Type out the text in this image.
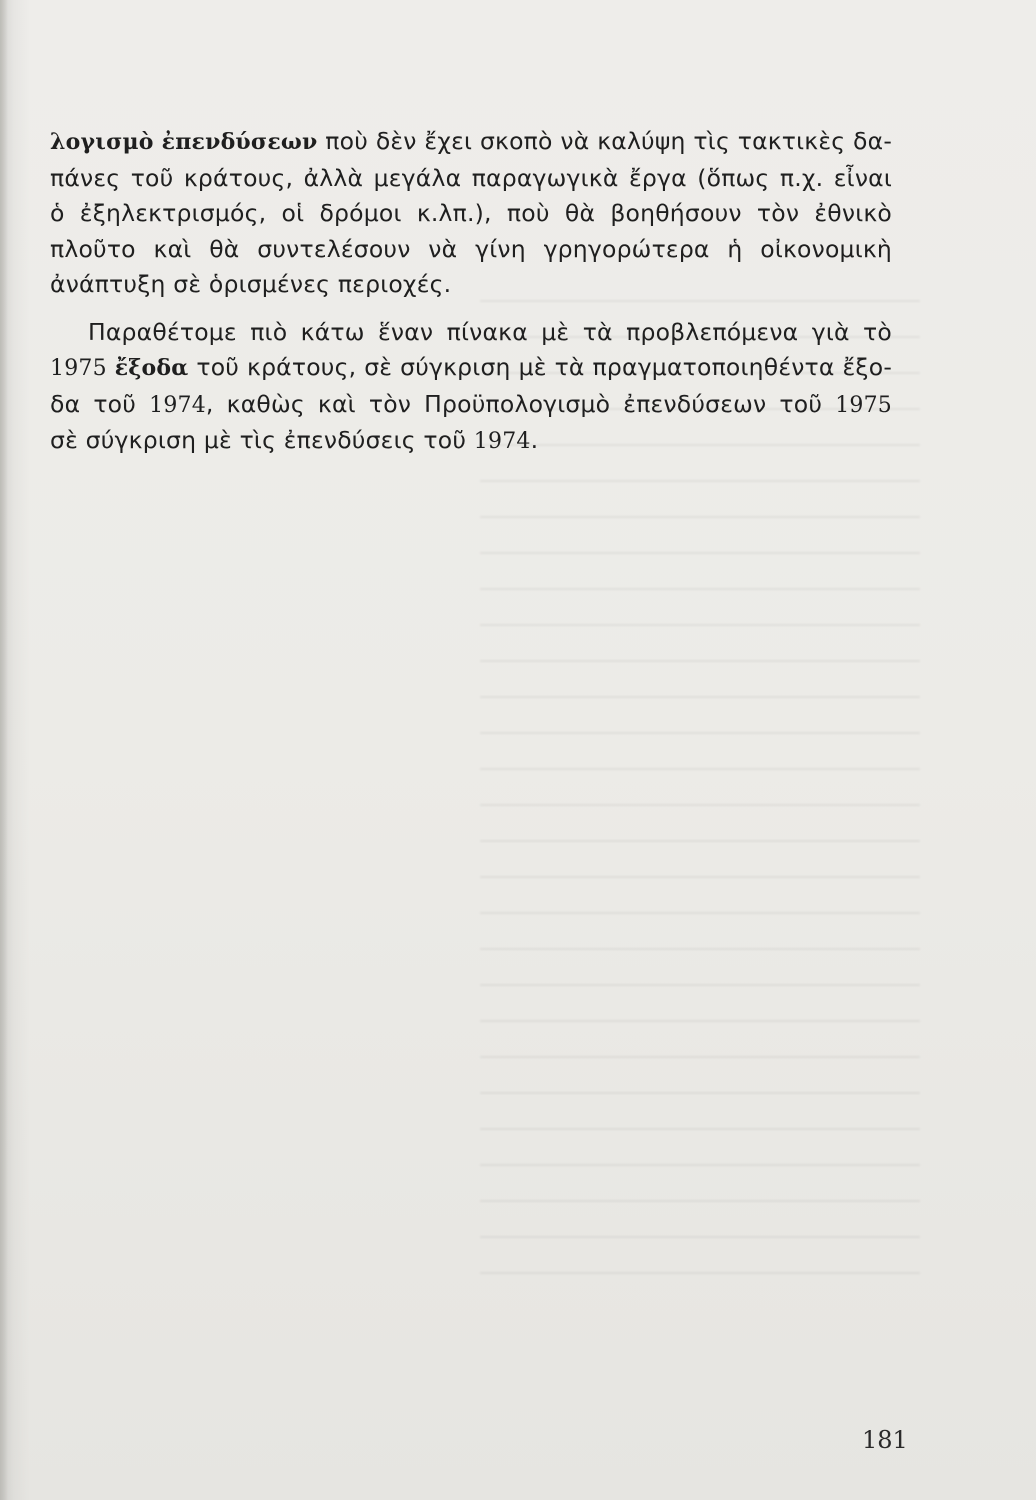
λογισμὸ ἐπενδύσεων ποὺ δὲν ἔχει σκοπὸ νὰ καλύψη τὶς τακτικὲς δα-
πάνες τοῦ κράτους, ἀλλὰ μεγάλα παραγωγικὰ ἔργα (ὅπως π.χ. εἶναι
ὁ ἐξηλεκτρισμός, οἱ δρόμοι κ.λπ.), ποὺ θὰ βοηθήσουν τὸν ἐθνικὸ
πλοῦτο καὶ θὰ συντελέσουν νὰ γίνη γρηγορώτερα ἡ οἰκονομικὴ
ἀνάπτυξη σὲ ὁρισμένες περιοχές.
Παραθέτομε πιὸ κάτω ἕναν πίνακα μὲ τὰ προβλεπόμενα γιὰ τὸ
1975 ἔξοδα τοῦ κράτους, σὲ σύγκριση μὲ τὰ πραγματοποιηθέντα ἔξο-
δα τοῦ 1974, καθὼς καὶ τὸν Προϋπολογισμὸ ἐπενδύσεων τοῦ 1975
σὲ σύγκριση μὲ τὶς ἐπενδύσεις τοῦ 1974.
181
